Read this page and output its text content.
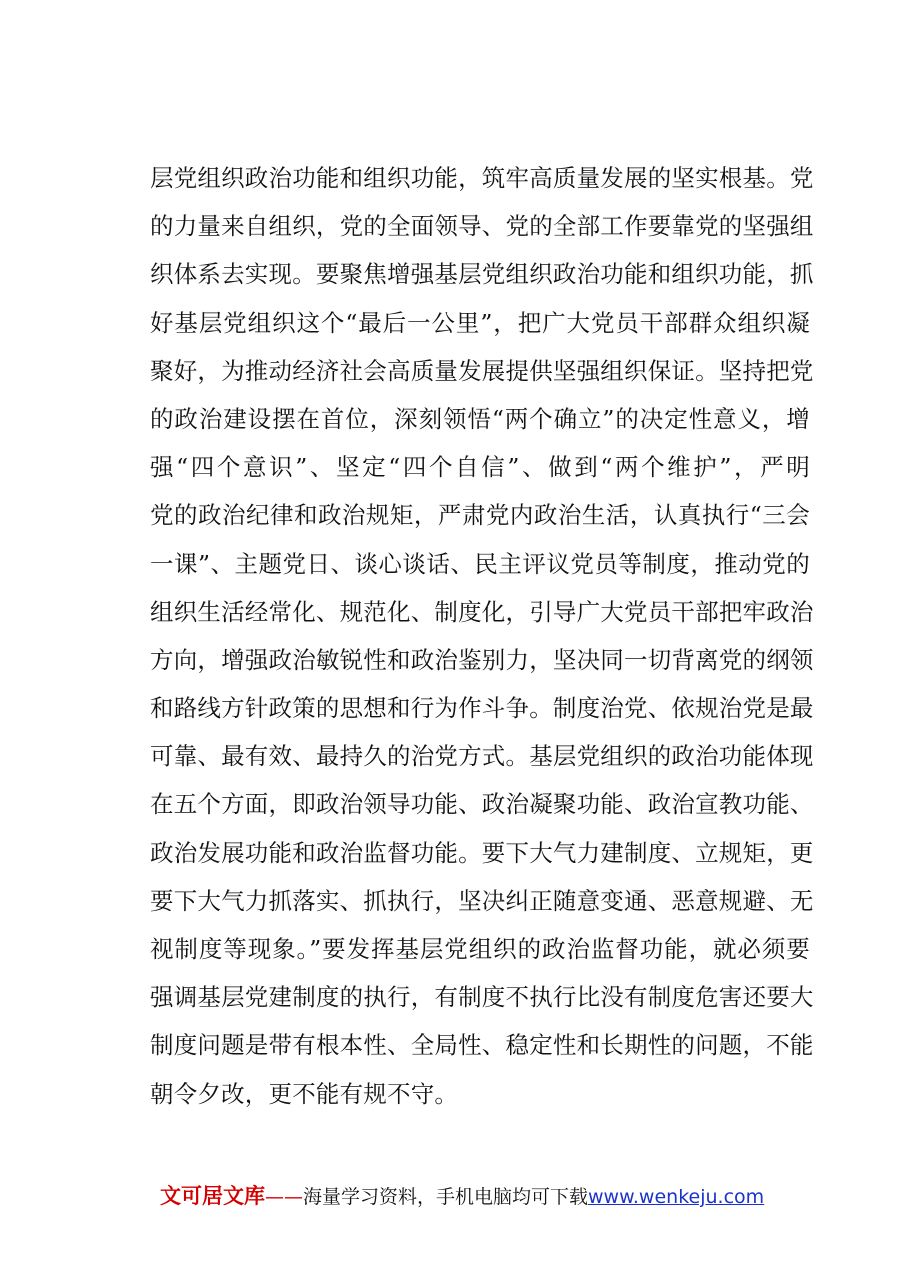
层党组织政治功能和组织功能，筑牢高质量发展的坚实根基。党
的力量来自组织，党的全面领导、党的全部工作要靠党的坚强组
织体系去实现。要聚焦增强基层党组织政治功能和组织功能，抓
好基层党组织这个“最后一公里”，把广大党员干部群众组织凝
聚好，为推动经济社会高质量发展提供坚强组织保证。坚持把党
的政治建设摆在首位，深刻领悟“两个确立”的决定性意义，增
强“四个意识”、坚定“四个自信”、做到“两个维护”，严明
党的政治纪律和政治规矩，严肃党内政治生活，认真执行“三会
一课”、主题党日、谈心谈话、民主评议党员等制度，推动党的
组织生活经常化、规范化、制度化，引导广大党员干部把牢政治
方向，增强政治敏锐性和政治鉴别力，坚决同一切背离党的纲领
和路线方针政策的思想和行为作斗争。制度治党、依规治党是最
可靠、最有效、最持久的治党方式。基层党组织的政治功能体现
在五个方面，即政治领导功能、政治凝聚功能、政治宣教功能、
政治发展功能和政治监督功能。要下大气力建制度、立规矩，更
要下大气力抓落实、抓执行，坚决纠正随意变通、恶意规避、无
视制度等现象。”要发挥基层党组织的政治监督功能，就必须要
强调基层党建制度的执行，有制度不执行比没有制度危害还要大
制度问题是带有根本性、全局性、稳定性和长期性的问题，不能
朝令夕改，更不能有规不守。
文可居文库——海量学习资料，手机电脑均可下载www.wenkeju.com
